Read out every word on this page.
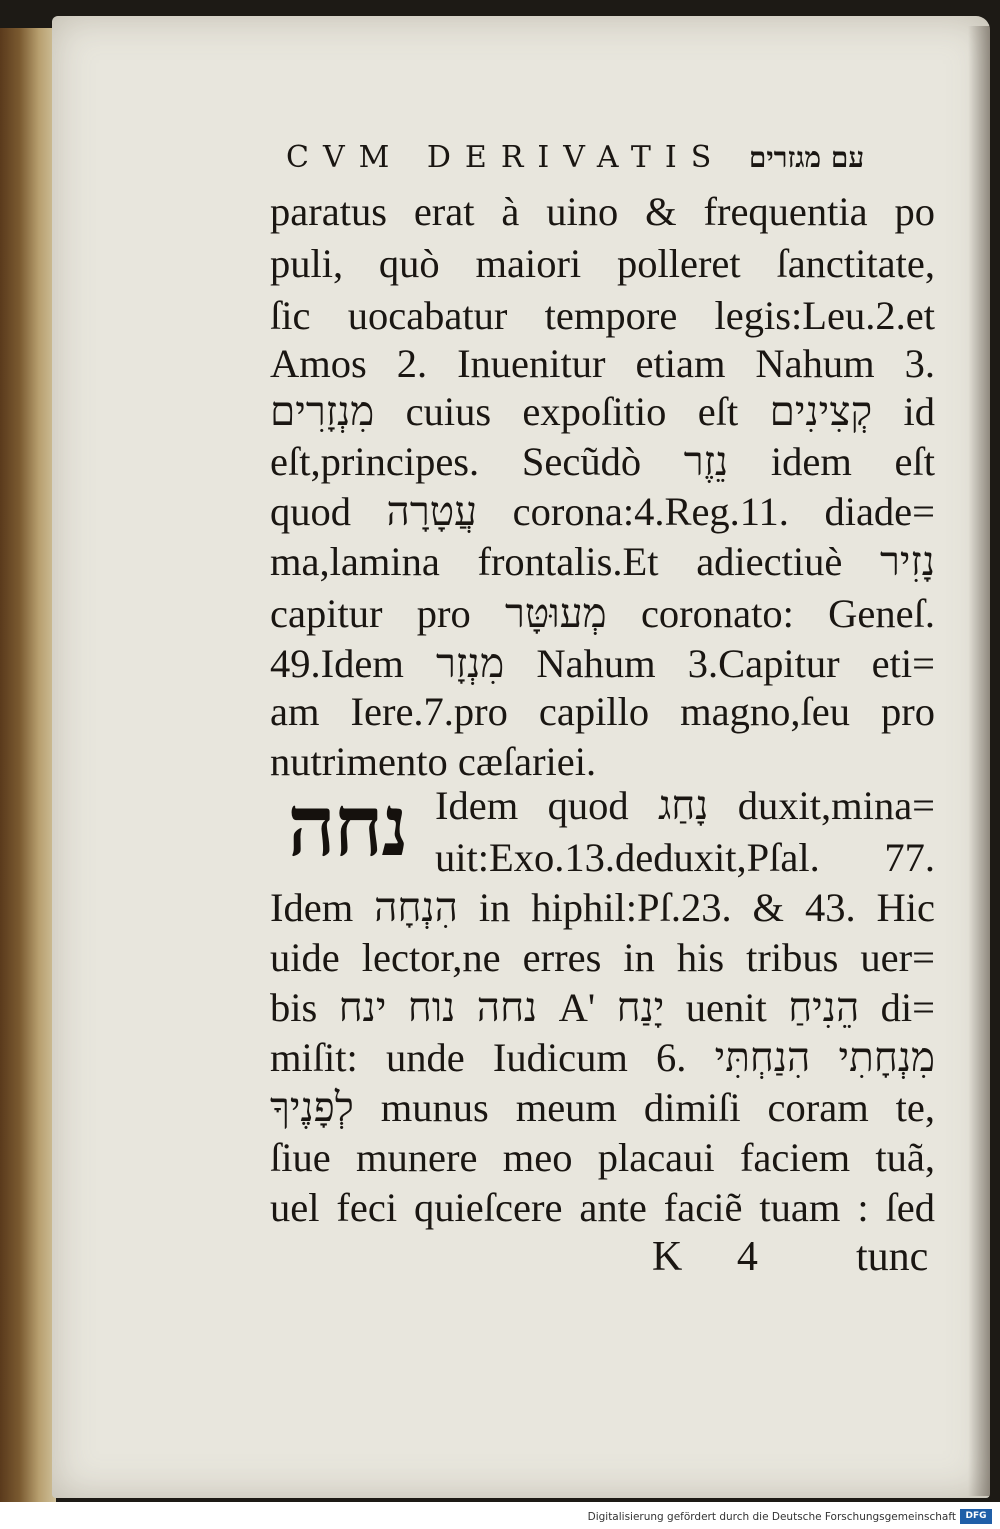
CVM DERIVATIS עם מגזרים
paratus erat à uino & frequentia po
puli, quò maiori polleret ſanctitate,
ſic uocabatur tempore legis:Leu.2.et
Amos 2. Inuenitur etiam Nahum 3.
מִנְזָרִים cuius expoſitio eſt קְצִינִים id
eſt,principes. Secũdò נֵזֶר idem eſt
quod עֲטָרָה corona:4.Reg.11. diade=
ma,lamina frontalis.Et adiectiuè נָזִיר
capitur pro מְעוּטָּר coronato: Geneſ.
49.Idem מִנְזָר Nahum 3.Capitur eti=
am Iere.7.pro capillo magno,ſeu pro
nutrimento cæſariei.
נחה Idem quod נָחַג duxit,mina=
uit:Exo.13.deduxit,Pſal. 77.
Idem הִנְחָה in hiphil:Pſ.23. & 43. Hic
uide lector,ne erres in his tribus uer=
bis נחה נוח ינח A' יָנַח uenit הֵנִיחַ di=
miſit: unde Iudicum 6. מִנְחָתִי הִנַחְתִּי
לְפָנֶיךָ munus meum dimiſi coram te,
ſiue munere meo placaui faciem tuã,
uel feci quieſcere ante faciẽ tuam : ſed
K 4 tunc
Digitalisierung gefördert durch die Deutsche Forschungsgemeinschaft	DFG
